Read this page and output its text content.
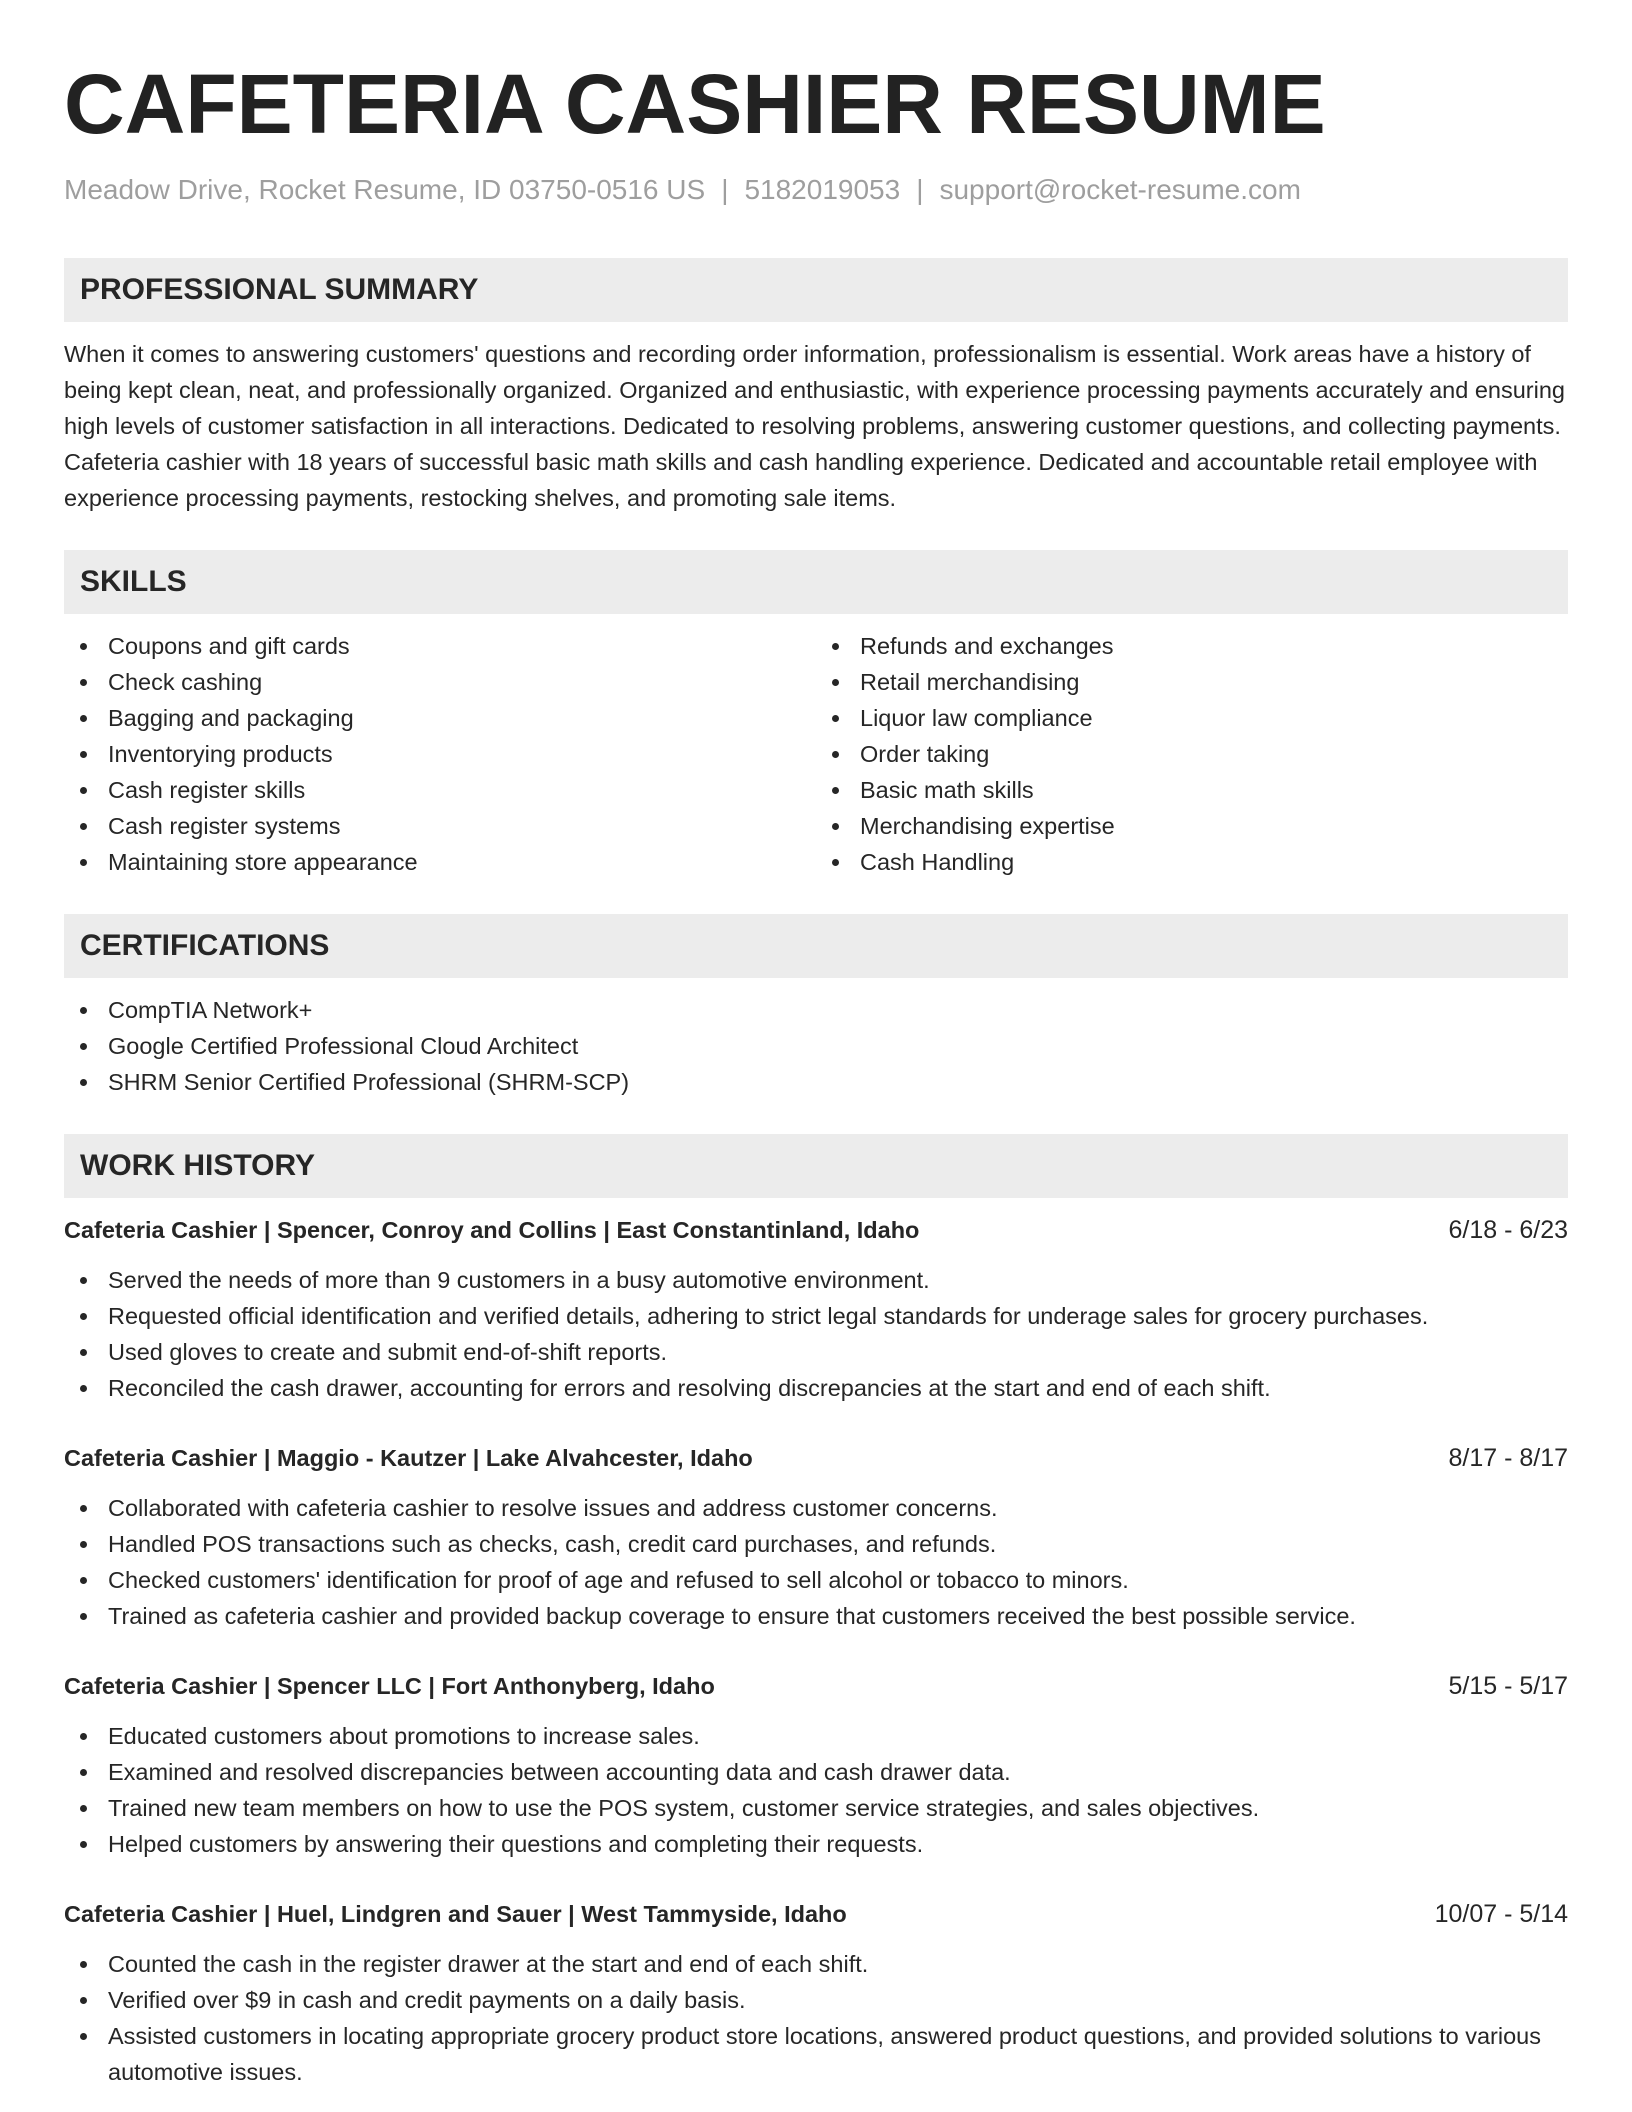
CAFETERIA CASHIER RESUME
Meadow Drive, Rocket Resume, ID 03750-0516 US | 5182019053 | support@rocket-resume.com
PROFESSIONAL SUMMARY
When it comes to answering customers' questions and recording order information, professionalism is essential. Work areas have a history of being kept clean, neat, and professionally organized. Organized and enthusiastic, with experience processing payments accurately and ensuring high levels of customer satisfaction in all interactions. Dedicated to resolving problems, answering customer questions, and collecting payments. Cafeteria cashier with 18 years of successful basic math skills and cash handling experience. Dedicated and accountable retail employee with experience processing payments, restocking shelves, and promoting sale items.
SKILLS
Coupons and gift cards
Check cashing
Bagging and packaging
Inventorying products
Cash register skills
Cash register systems
Maintaining store appearance
Refunds and exchanges
Retail merchandising
Liquor law compliance
Order taking
Basic math skills
Merchandising expertise
Cash Handling
CERTIFICATIONS
CompTIA Network+
Google Certified Professional Cloud Architect
SHRM Senior Certified Professional (SHRM-SCP)
WORK HISTORY
Cafeteria Cashier | Spencer, Conroy and Collins | East Constantinland, Idaho	6/18 - 6/23
Served the needs of more than 9 customers in a busy automotive environment.
Requested official identification and verified details, adhering to strict legal standards for underage sales for grocery purchases.
Used gloves to create and submit end-of-shift reports.
Reconciled the cash drawer, accounting for errors and resolving discrepancies at the start and end of each shift.
Cafeteria Cashier | Maggio - Kautzer | Lake Alvahcester, Idaho	8/17 - 8/17
Collaborated with cafeteria cashier to resolve issues and address customer concerns.
Handled POS transactions such as checks, cash, credit card purchases, and refunds.
Checked customers' identification for proof of age and refused to sell alcohol or tobacco to minors.
Trained as cafeteria cashier and provided backup coverage to ensure that customers received the best possible service.
Cafeteria Cashier | Spencer LLC | Fort Anthonyberg, Idaho	5/15 - 5/17
Educated customers about promotions to increase sales.
Examined and resolved discrepancies between accounting data and cash drawer data.
Trained new team members on how to use the POS system, customer service strategies, and sales objectives.
Helped customers by answering their questions and completing their requests.
Cafeteria Cashier | Huel, Lindgren and Sauer | West Tammyside, Idaho	10/07 - 5/14
Counted the cash in the register drawer at the start and end of each shift.
Verified over $9 in cash and credit payments on a daily basis.
Assisted customers in locating appropriate grocery product store locations, answered product questions, and provided solutions to various automotive issues.
